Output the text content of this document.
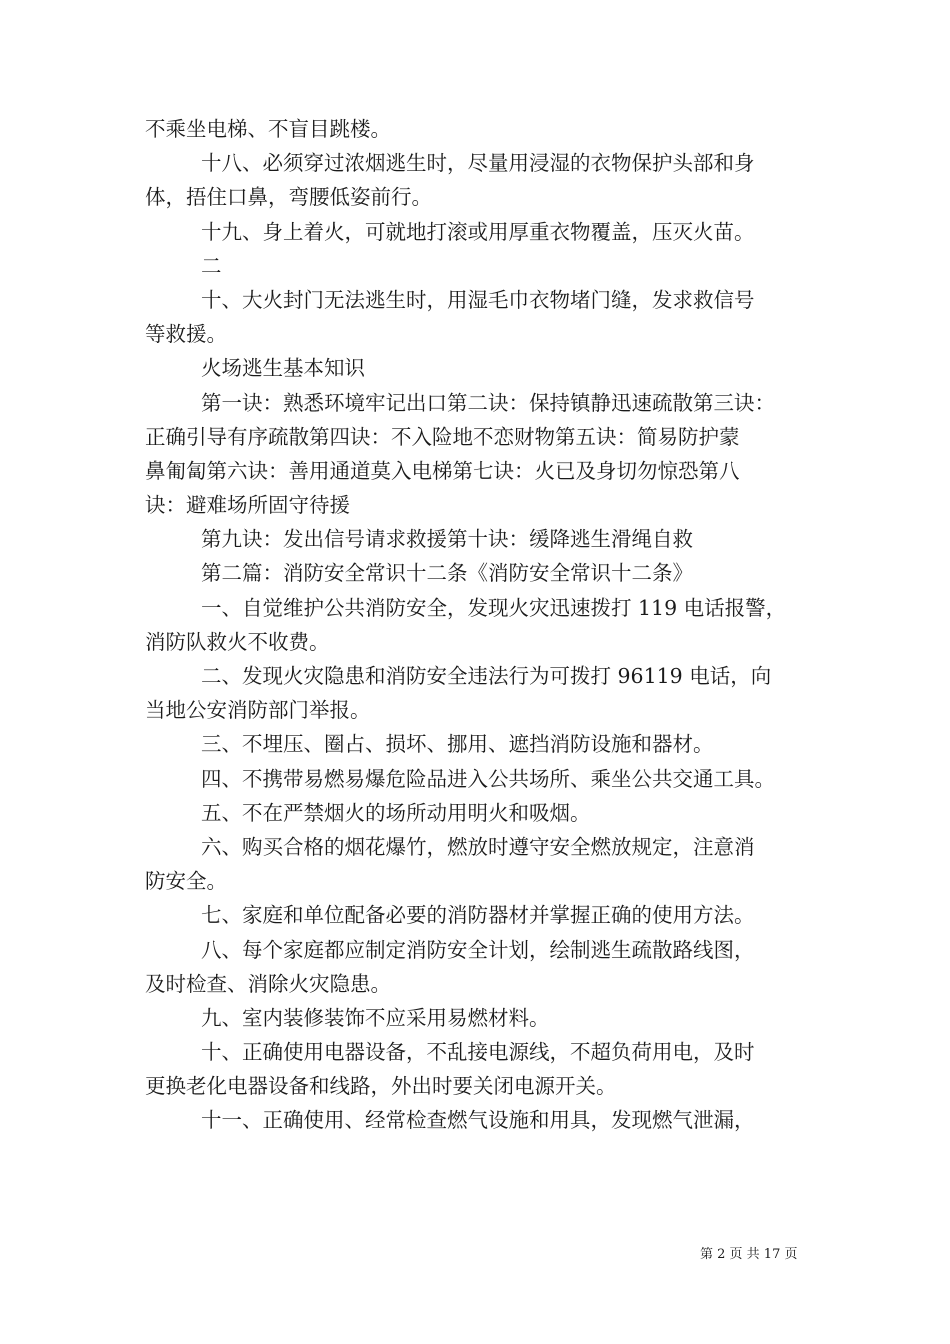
不乘坐电梯、不盲目跳楼。
十八、必须穿过浓烟逃生时，尽量用浸湿的衣物保护头部和身
体，捂住口鼻，弯腰低姿前行。
十九、身上着火，可就地打滚或用厚重衣物覆盖，压灭火苗。
二
十、大火封门无法逃生时，用湿毛巾衣物堵门缝，发求救信号
等救援。
火场逃生基本知识
第一诀：熟悉环境牢记出口第二诀：保持镇静迅速疏散第三诀：
正确引导有序疏散第四诀：不入险地不恋财物第五诀：简易防护蒙
鼻匍匐第六诀：善用通道莫入电梯第七诀：火已及身切勿惊恐第八
诀：避难场所固守待援
第九诀：发出信号请求救援第十诀：缓降逃生滑绳自救
第二篇：消防安全常识十二条《消防安全常识十二条》
一、自觉维护公共消防安全，发现火灾迅速拨打 119 电话报警，
消防队救火不收费。
二、发现火灾隐患和消防安全违法行为可拨打 96119 电话，向
当地公安消防部门举报。
三、不埋压、圈占、损坏、挪用、遮挡消防设施和器材。
四、不携带易燃易爆危险品进入公共场所、乘坐公共交通工具。
五、不在严禁烟火的场所动用明火和吸烟。
六、购买合格的烟花爆竹，燃放时遵守安全燃放规定，注意消
防安全。
七、家庭和单位配备必要的消防器材并掌握正确的使用方法。
八、每个家庭都应制定消防安全计划，绘制逃生疏散路线图，
及时检查、消除火灾隐患。
九、室内装修装饰不应采用易燃材料。
十、正确使用电器设备，不乱接电源线，不超负荷用电，及时
更换老化电器设备和线路，外出时要关闭电源开关。
十一、正确使用、经常检查燃气设施和用具，发现燃气泄漏，
第 2 页 共 17 页
